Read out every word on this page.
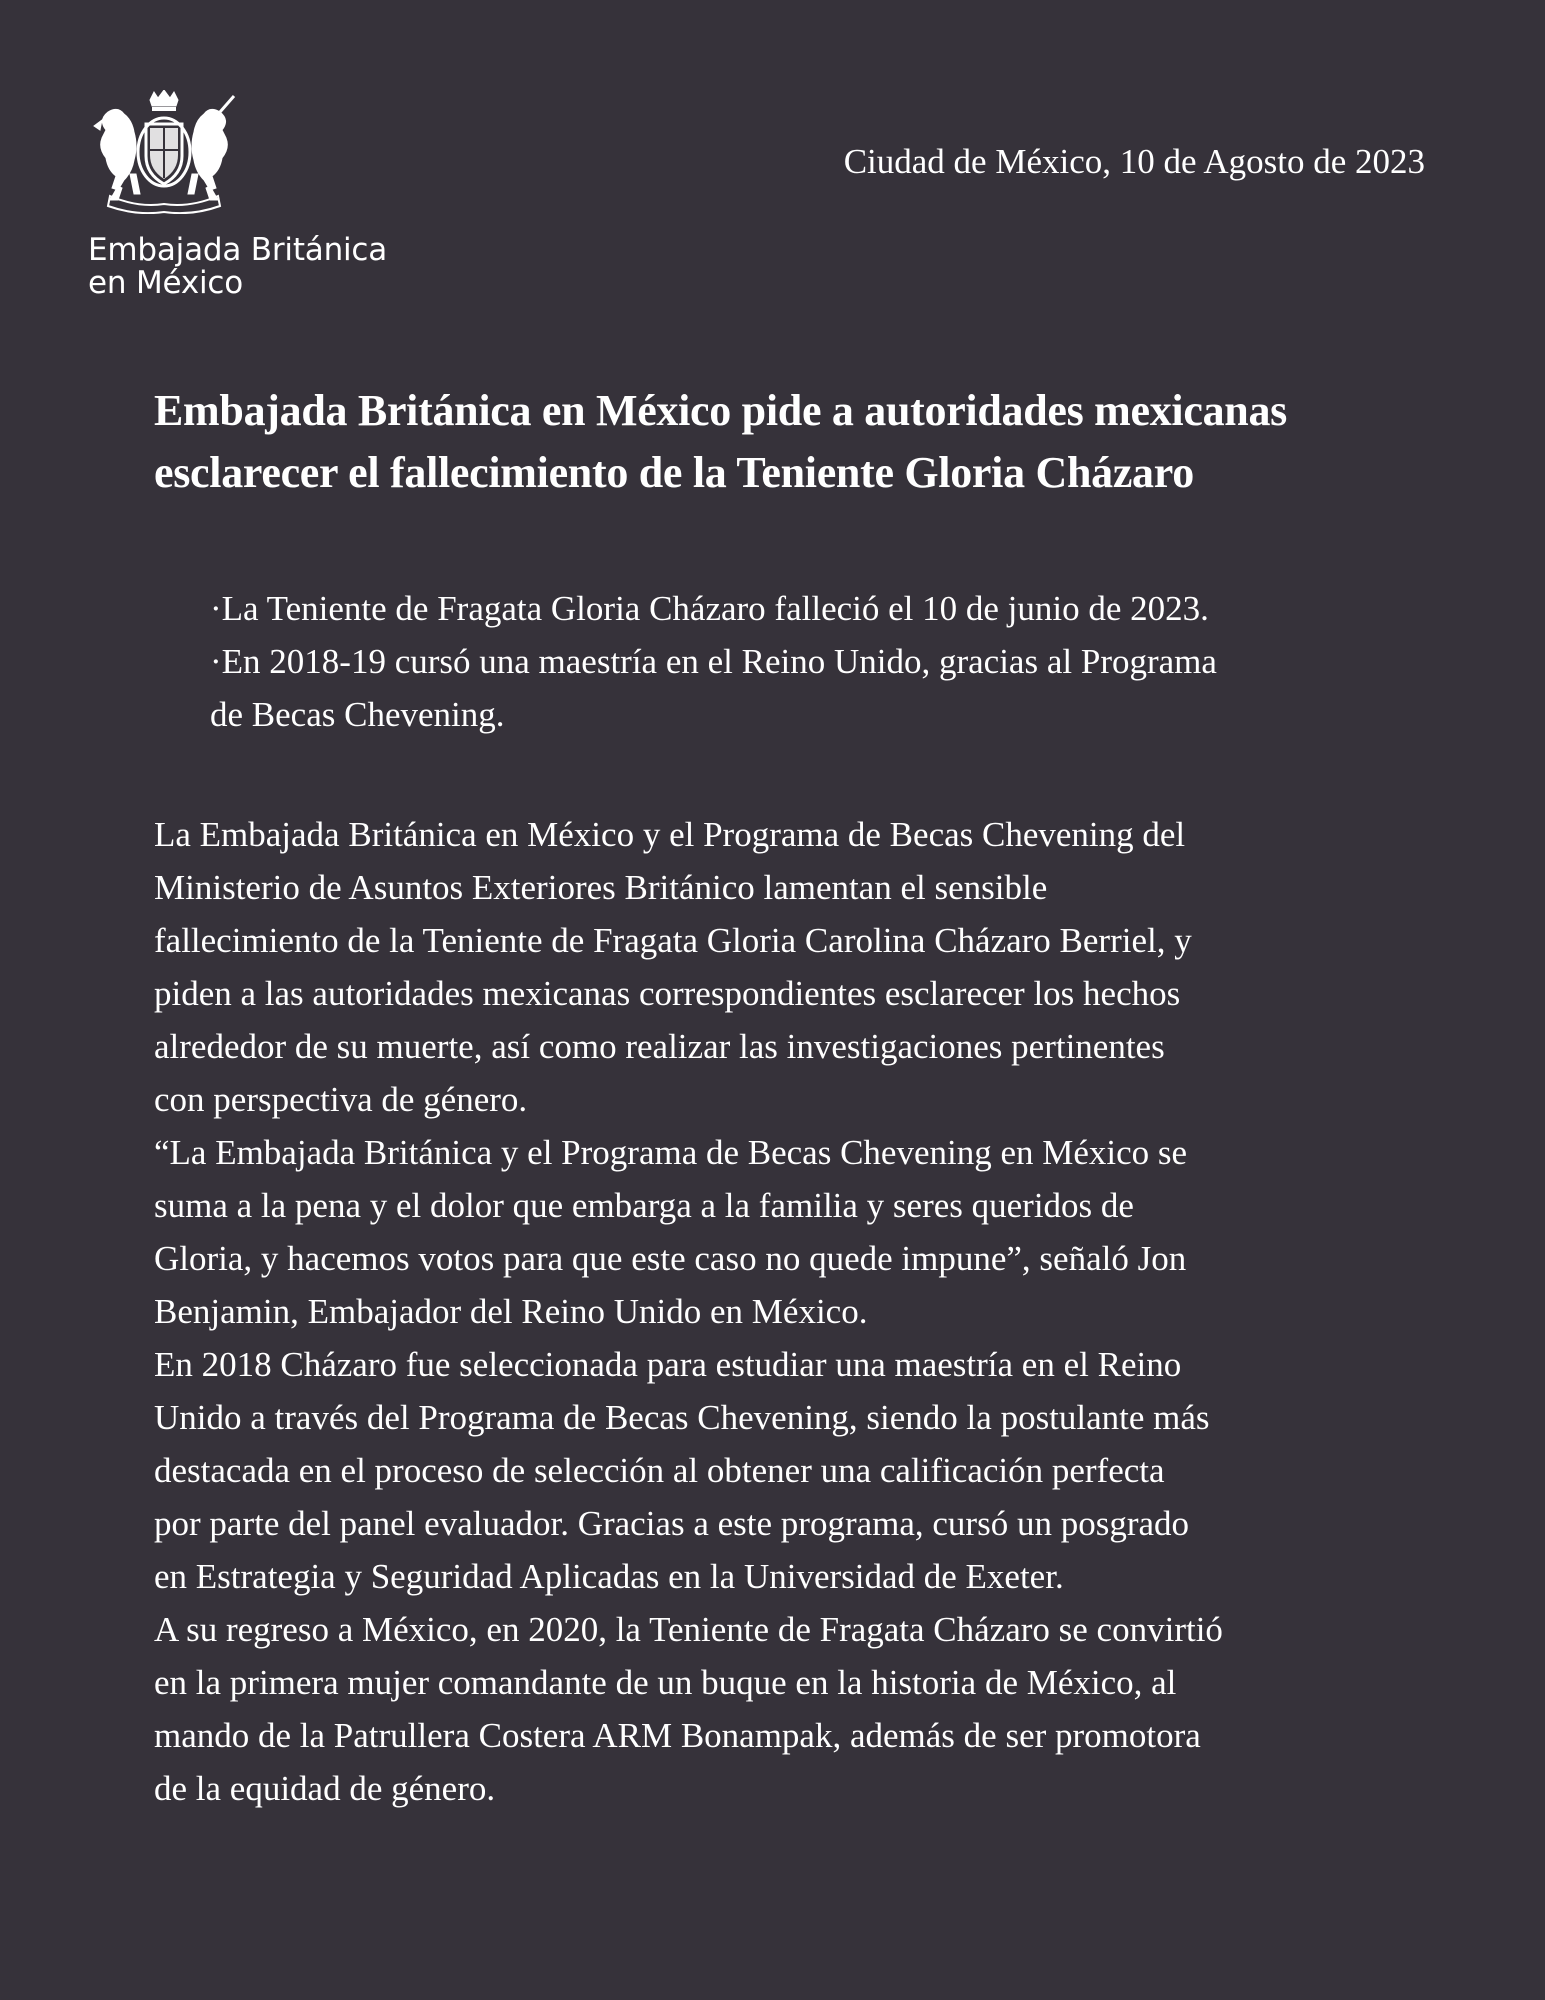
Embajada Británica
en México
Ciudad de México, 10 de Agosto de 2023
Embajada Británica en México pide a autoridades mexicanas
esclarecer el fallecimiento de la Teniente Gloria Cházaro
·La Teniente de Fragata Gloria Cházaro falleció el 10 de junio de 2023.
·En 2018-19 cursó una maestría en el Reino Unido, gracias al Programa
de Becas Chevening.
La Embajada Británica en México y el Programa de Becas Chevening del
Ministerio de Asuntos Exteriores Británico lamentan el sensible
fallecimiento de la Teniente de Fragata Gloria Carolina Cházaro Berriel, y
piden a las autoridades mexicanas correspondientes esclarecer los hechos
alrededor de su muerte, así como realizar las investigaciones pertinentes
con perspectiva de género.
“La Embajada Británica y el Programa de Becas Chevening en México se
suma a la pena y el dolor que embarga a la familia y seres queridos de
Gloria, y hacemos votos para que este caso no quede impune”, señaló Jon
Benjamin, Embajador del Reino Unido en México.
En 2018 Cházaro fue seleccionada para estudiar una maestría en el Reino
Unido a través del Programa de Becas Chevening, siendo la postulante más
destacada en el proceso de selección al obtener una calificación perfecta
por parte del panel evaluador. Gracias a este programa, cursó un posgrado
en Estrategia y Seguridad Aplicadas en la Universidad de Exeter.
A su regreso a México, en 2020, la Teniente de Fragata Cházaro se convirtió
en la primera mujer comandante de un buque en la historia de México, al
mando de la Patrullera Costera ARM Bonampak, además de ser promotora
de la equidad de género.
